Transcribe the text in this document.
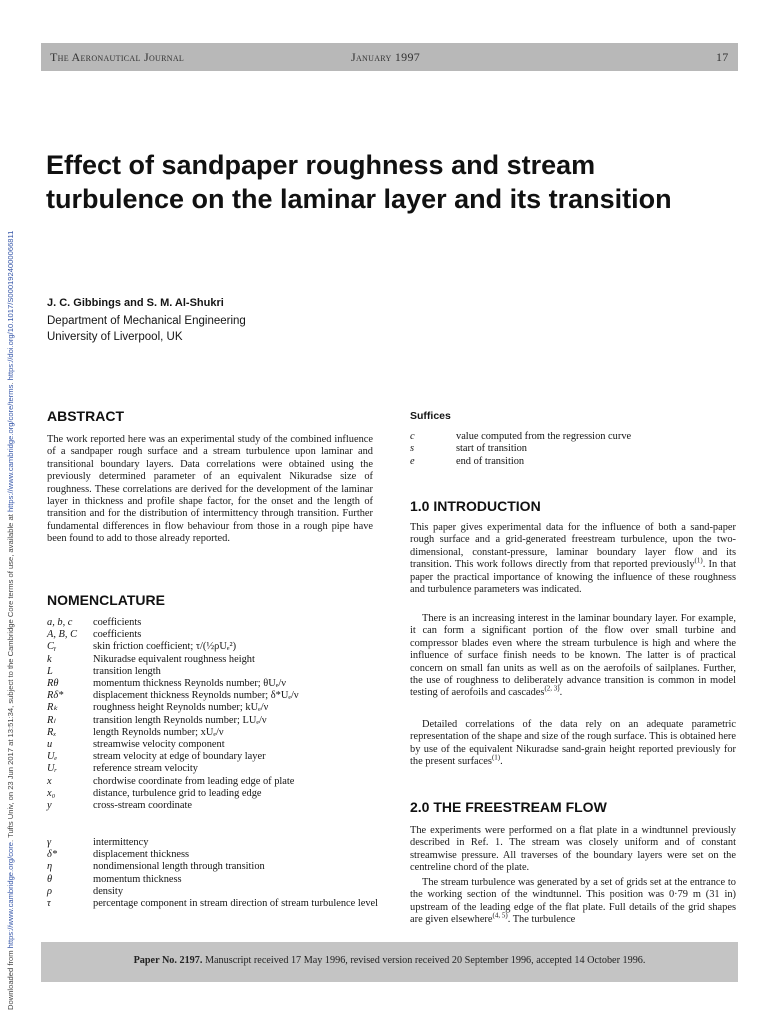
Downloaded from https://www.cambridge.org/core. Tufts Univ, on 23 Jun 2017 at 13:51:34, subject to the Cambridge Core terms of use, available at https://www.cambridge.org/core/terms. https://doi.org/10.1017/S0001924000066811
The Aeronautical Journal	January 1997	17
Effect of sandpaper roughness and stream turbulence on the laminar layer and its transition
J. C. Gibbings and S. M. Al-Shukri
Department of Mechanical Engineering
University of Liverpool, UK
ABSTRACT

The work reported here was an experimental study of the combined influence of a sandpaper rough surface and a stream turbulence upon laminar and transitional boundary layers. Data correlations were obtained using the previously determined parameter of an equivalent Nikuradse size of roughness. These correlations are derived for the development of the laminar layer in thickness and profile shape factor, for the onset and the length of transition and for the distribution of intermittency through transition. Further fundamental differences in flow behaviour from those in a rough pipe have been found to add to those already reported.

NOMENCLATURE
a, b, c coefficients
A, B, C coefficients
Cᵧ	skin friction coefficient; τ/(½ρUₑ²)
k	Nikuradse equivalent roughness height
L	transition length
Rθ	momentum thickness Reynolds number; θUₑ/ν
Rδ*	displacement thickness Reynolds number; δ*Uₑ/ν
Rₖ	roughness height Reynolds number; kUₑ/ν
Rₗ	transition length Reynolds number; LUₑ/ν
Rₓ	length Reynolds number; xUₑ/ν
u	streamwise velocity component
Uₑ	stream velocity at edge of boundary layer
Uᵣ	reference stream velocity
x	chordwise coordinate from leading edge of plate
x₀	distance, turbulence grid to leading edge
y	cross-stream coordinate
γ	intermittency
δ*	displacement thickness
η	nondimensional length through transition
θ	momentum thickness
ρ	density
τ	percentage component in stream direction of stream turbulence level
Suffices
c	value computed from the regression curve
s	start of transition
e	end of transition
1.0 INTRODUCTION

This paper gives experimental data for the influence of both a sand-paper rough surface and a grid-generated freestream turbulence, upon the two-dimensional, constant-pressure, laminar boundary layer flow and its transition. This work follows directly from that reported previously$^{(1)}$. In that paper the practical importance of knowing the influence of these roughness and turbulence parameters was indicated.

There is an increasing interest in the laminar boundary layer. For example, it can form a significant portion of the flow over small turbine and compressor blades even where the stream turbulence is high and where the influence of surface finish needs to be known. The latter is of practical concern on small fan units as well as on the aerofoils of sailplanes. Further, the use of roughness to deliberately advance transition is common in model testing of aerofoils and cascades$^{(2, 3)}$.

Detailed correlations of the data rely on an adequate parametric representation of the shape and size of the rough surface. This is obtained here by use of the equivalent Nikuradse sand-grain height reported previously for the present surfaces$^{(1)}$.

2.0 THE FREESTREAM FLOW

The experiments were performed on a flat plate in a windtunnel previously described in Ref. 1. The stream was closely uniform and of constant streamwise pressure. All traverses of the boundary layers were set on the centreline chord of the plate.

The stream turbulence was generated by a set of grids set at the entrance to the working section of the windtunnel. This position was 0·79 m (31 in) upstream of the leading edge of the flat plate. Full details of the grid shapes are given elsewhere$^{(4, 5)}$. The turbulence

Paper No. 2197. Manuscript received 17 May 1996, revised version received 20 September 1996, accepted 14 October 1996.
